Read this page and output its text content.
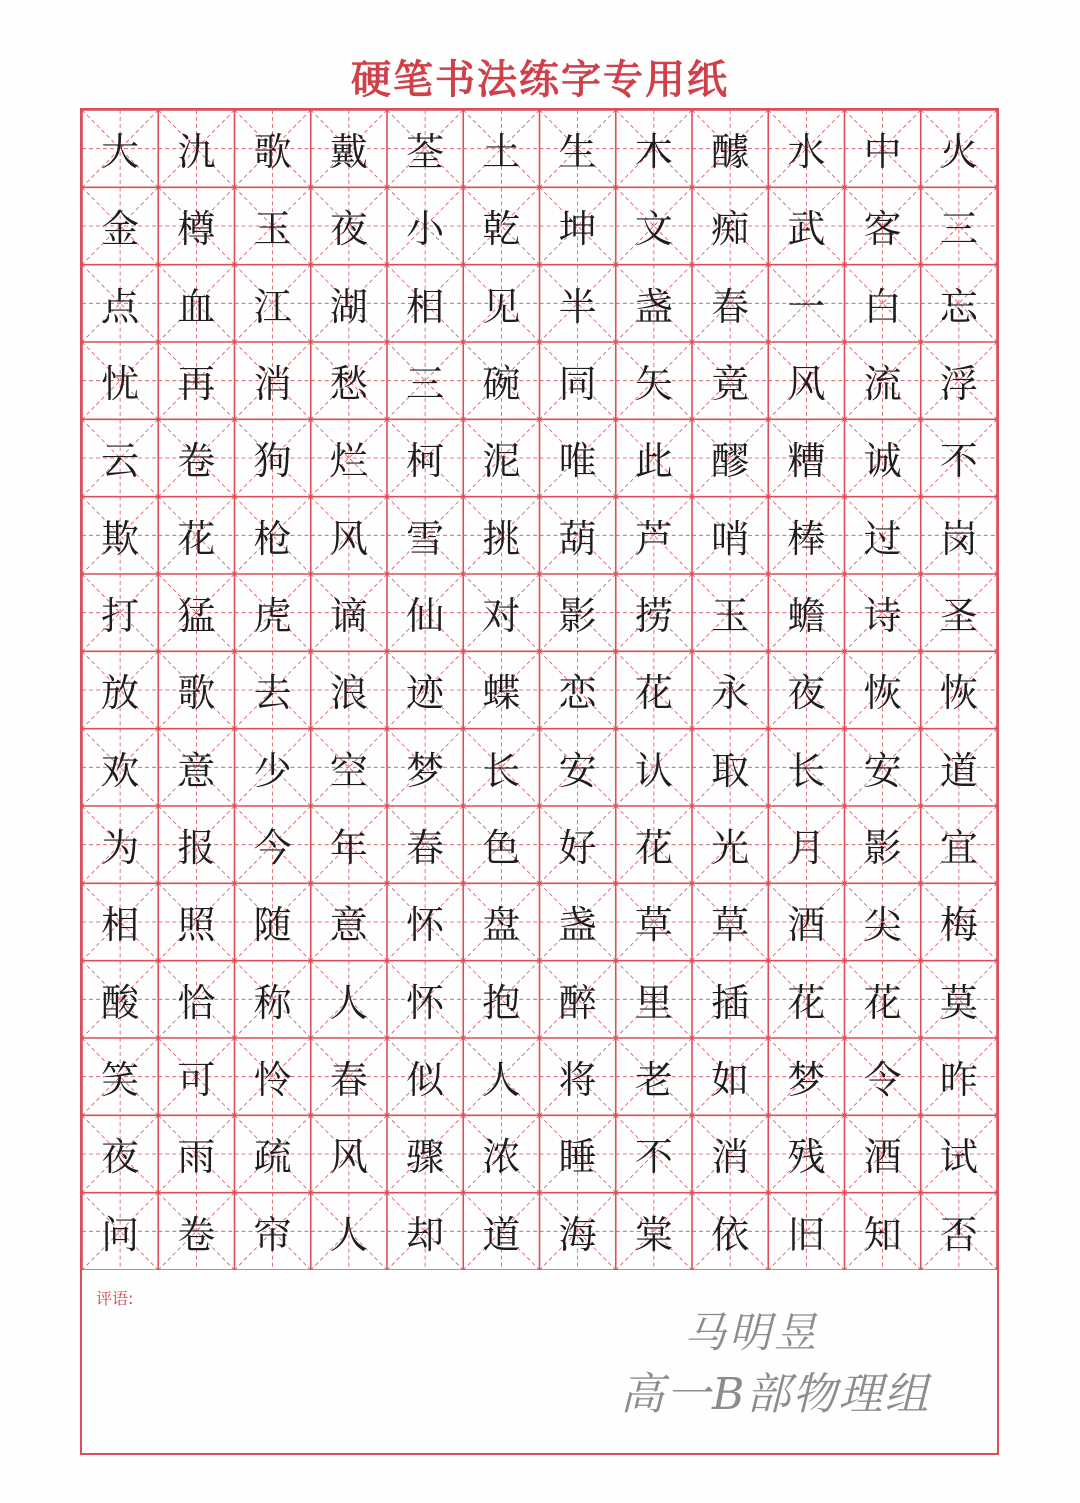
硬笔书法练字专用纸
大	氿	歌	戴	荃	土	生	木	醵	水	中	火
金	樽	玉	夜	小	乾	坤	文	痴	武	客	三
点	血	江	湖	相	见	半	盏	春	一	白	忘
忧	再	消	愁	三	碗	同	矢	竟	风	流	浮
云	卷	狗	烂	柯	泥	唯	此	醪	糟	诚	不
欺	花	枪	风	雪	挑	葫	芦	哨	棒	过	岗
打	猛	虎	谪	仙	对	影	捞	玉	蟾	诗	圣
放	歌	去	浪	迹	蝶	恋	花	永	夜	恢	恢
欢	意	少	空	梦	长	安	认	取	长	安	道
为	报	今	年	春	色	好	花	光	月	影	宜
相	照	随	意	怀	盘	盏	草	草	酒	尖	梅
酸	恰	称	人	怀	抱	醉	里	插	花	花	莫
笑	可	怜	春	似	人	将	老	如	梦	令	昨
夜	雨	疏	风	骤	浓	睡	不	消	残	酒	试
问	卷	帘	人	却	道	海	棠	依	旧	知	否
评语:
马明昱
高一B部物理组
